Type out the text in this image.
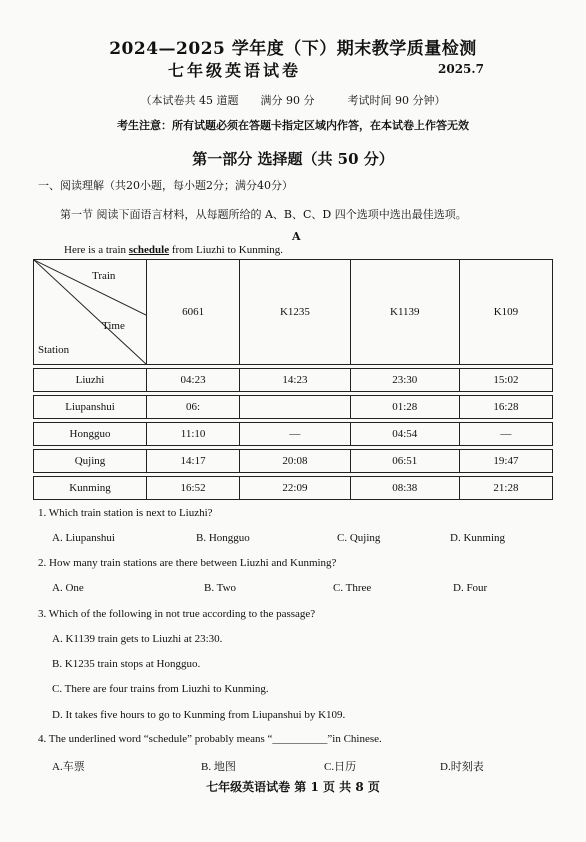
2024—2025 学年度（下）期末教学质量检测
七年级英语试卷	2025.7
（本试卷共 45 道题　　满分 90 分　　　考试时间 90 分钟）
考生注意：所有试题必须在答题卡指定区域内作答，在本试卷上作答无效
第一部分 选择题（共 50 分）
一、阅读理解（共20小题，每小题2分；满分40分）
第一节 阅读下面语言材料，从每题所给的 A、B、C、D 四个选项中选出最佳选项。
A
Here is a train schedule from Liuzhi to Kunming.
Train
Time
Station	6061	K1235	K1139	K109

Liuzhi	04:23	14:23	23:30	15:02

Liupanshui	06:		01:28	16:28

Hongguo	11:10	—	04:54	—

Qujing	14:17	20:08	06:51	19:47

Kunming	16:52	22:09	08:38	21:28
1. Which train station is next to Liuzhi?
A. Liupanshui	B. Hongguo	C. Qujing	D. Kunming
2. How many train stations are there between Liuzhi and Kunming?
A. One	B. Two	C. Three	D. Four
3. Which of the following in not true according to the passage?
A. K1139 train gets to Liuzhi at 23:30.
B. K1235 train stops at Hongguo.
C. There are four trains from Liuzhi to Kunming.
D. It takes five hours to go to Kunming from Liupanshui by K109.
4. The underlined word “schedule” probably means “__________”in Chinese.
A.车票	B. 地图	C.日历	D.时刻表
七年级英语试卷 第 1 页 共 8 页
